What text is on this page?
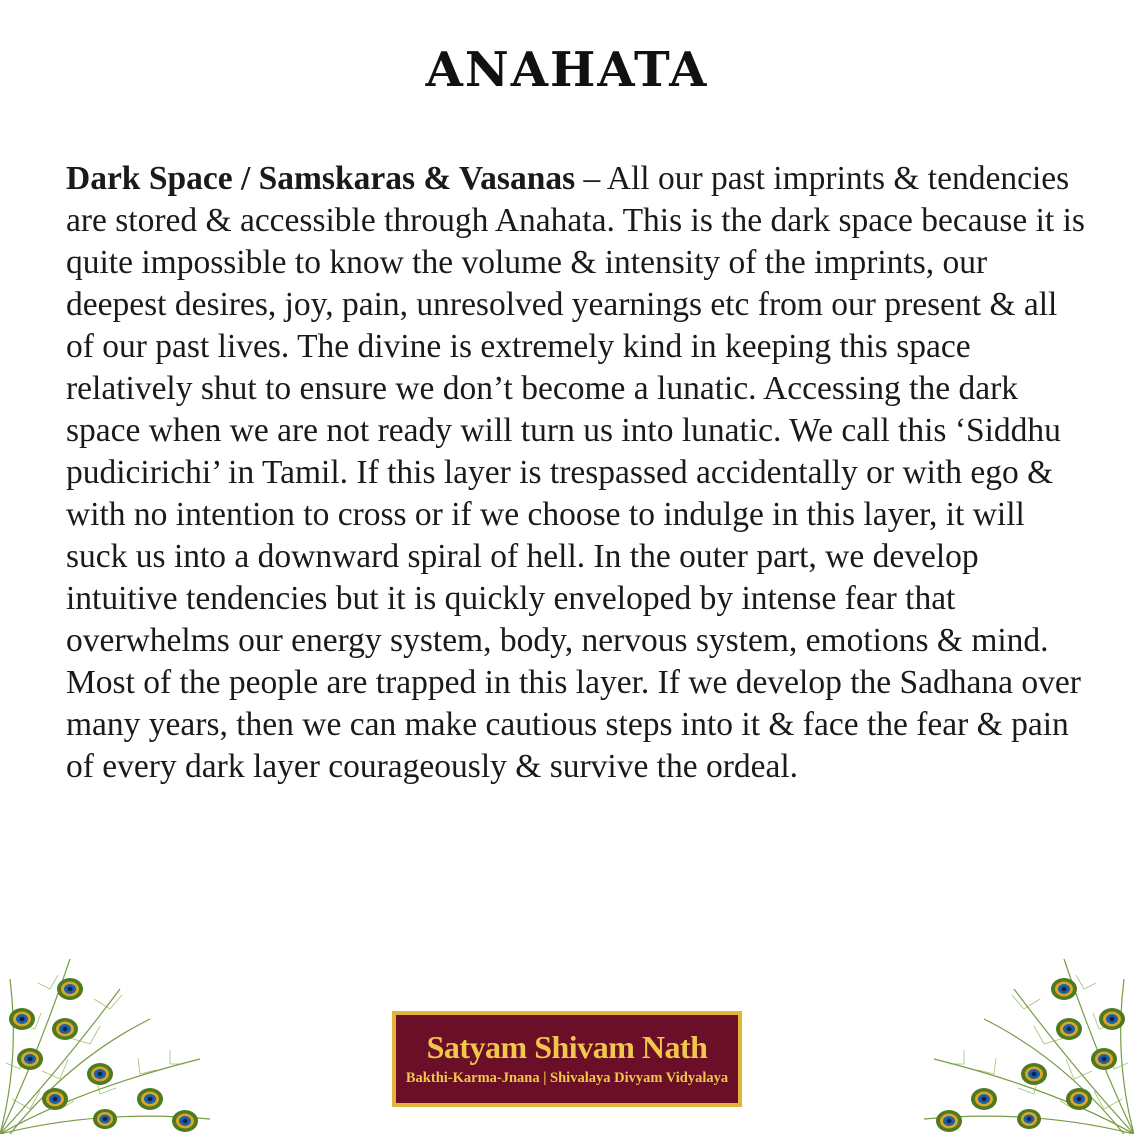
ANAHATA
Dark Space / Samskaras & Vasanas – All our past imprints & tendencies are stored & accessible through Anahata. This is the dark space because it is quite impossible to know the volume & intensity of the imprints, our deepest desires, joy, pain, unresolved yearnings etc from our present & all of our past lives. The divine is extremely kind in keeping this space relatively shut to ensure we don’t become a lunatic. Accessing the dark space when we are not ready will turn us into lunatic. We call this ‘Siddhu pudicirichi’ in Tamil. If this layer is trespassed accidentally or with ego & with no intention to cross or if we choose to indulge in this layer, it will suck us into a downward spiral of hell. In the outer part, we develop intuitive tendencies but it is quickly enveloped by intense fear that overwhelms our energy system, body, nervous system, emotions & mind. Most of the people are trapped in this layer. If we develop the Sadhana over many years, then we can make cautious steps into it & face the fear & pain of every dark layer courageously & survive the ordeal.
Satyam Shivam Nath
Bakthi-Karma-Jnana | Shivalaya Divyam Vidyalaya
